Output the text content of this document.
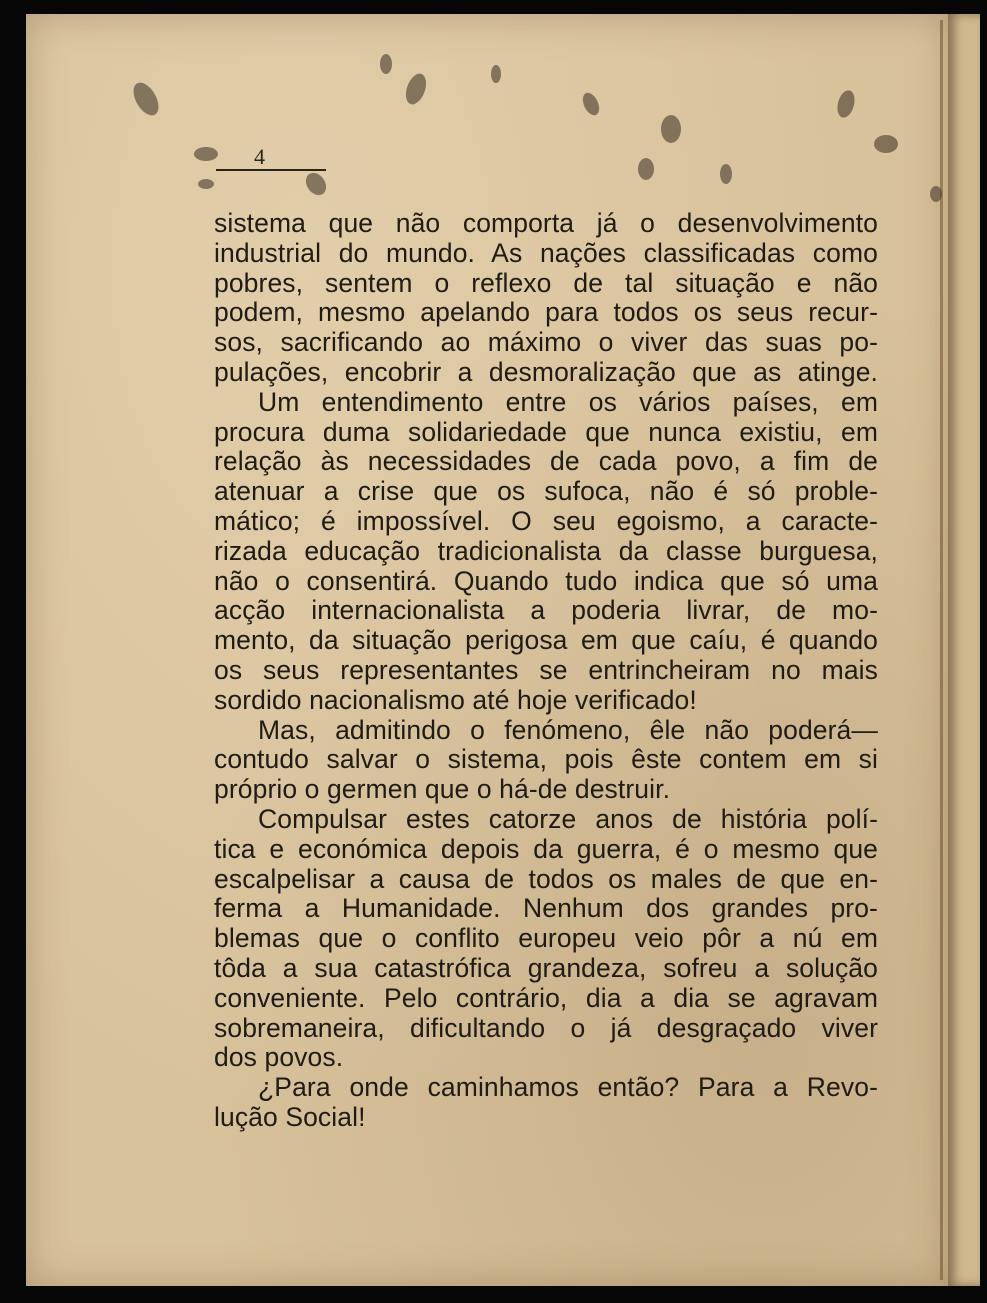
4
sistema que não comporta já o desenvolvimento
industrial do mundo. As nações classificadas como
pobres, sentem o reflexo de tal situação e não
podem, mesmo apelando para todos os seus recur-
sos, sacrificando ao máximo o viver das suas po-
pulações, encobrir a desmoralização que as atinge.
Um entendimento entre os vários países, em
procura duma solidariedade que nunca existiu, em
relação às necessidades de cada povo, a fim de
atenuar a crise que os sufoca, não é só proble-
mático; é impossível. O seu egoismo, a caracte-
rizada educação tradicionalista da classe burguesa,
não o consentirá. Quando tudo indica que só uma
acção internacionalista a poderia livrar, de mo-
mento, da situação perigosa em que caíu, é quando
os seus representantes se entrincheiram no mais
sordido nacionalismo até hoje verificado!
Mas, admitindo o fenómeno, êle não poderá—
contudo salvar o sistema, pois êste contem em si
próprio o germen que o há-de destruir.
Compulsar estes catorze anos de história polí-
tica e económica depois da guerra, é o mesmo que
escalpelisar a causa de todos os males de que en-
ferma a Humanidade. Nenhum dos grandes pro-
blemas que o conflito europeu veio pôr a nú em
tôda a sua catastrófica grandeza, sofreu a solução
conveniente. Pelo contrário, dia a dia se agravam
sobremaneira, dificultando o já desgraçado viver
dos povos.
¿Para onde caminhamos então? Para a Revo-
lução Social!
